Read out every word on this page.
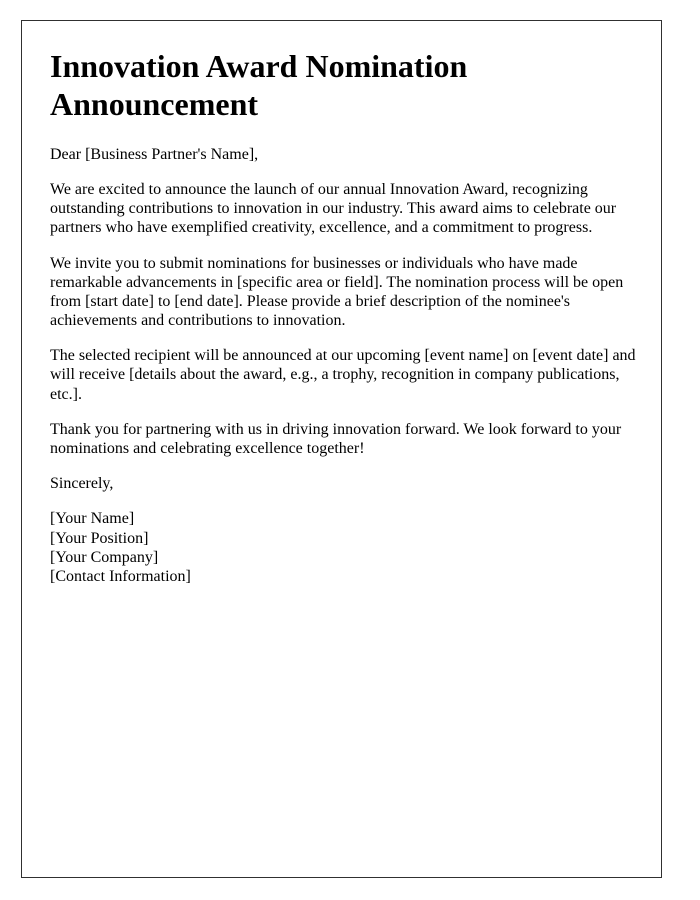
Innovation Award Nomination Announcement

Dear [Business Partner's Name],

We are excited to announce the launch of our annual Innovation Award, recognizing outstanding contributions to innovation in our industry. This award aims to celebrate our partners who have exemplified creativity, excellence, and a commitment to progress.

We invite you to submit nominations for businesses or individuals who have made remarkable advancements in [specific area or field]. The nomination process will be open from [start date] to [end date]. Please provide a brief description of the nominee's achievements and contributions to innovation.

The selected recipient will be announced at our upcoming [event name] on [event date] and will receive [details about the award, e.g., a trophy, recognition in company publications, etc.].

Thank you for partnering with us in driving innovation forward. We look forward to your nominations and celebrating excellence together!

Sincerely,

[Your Name]
[Your Position]
[Your Company]
[Contact Information]
